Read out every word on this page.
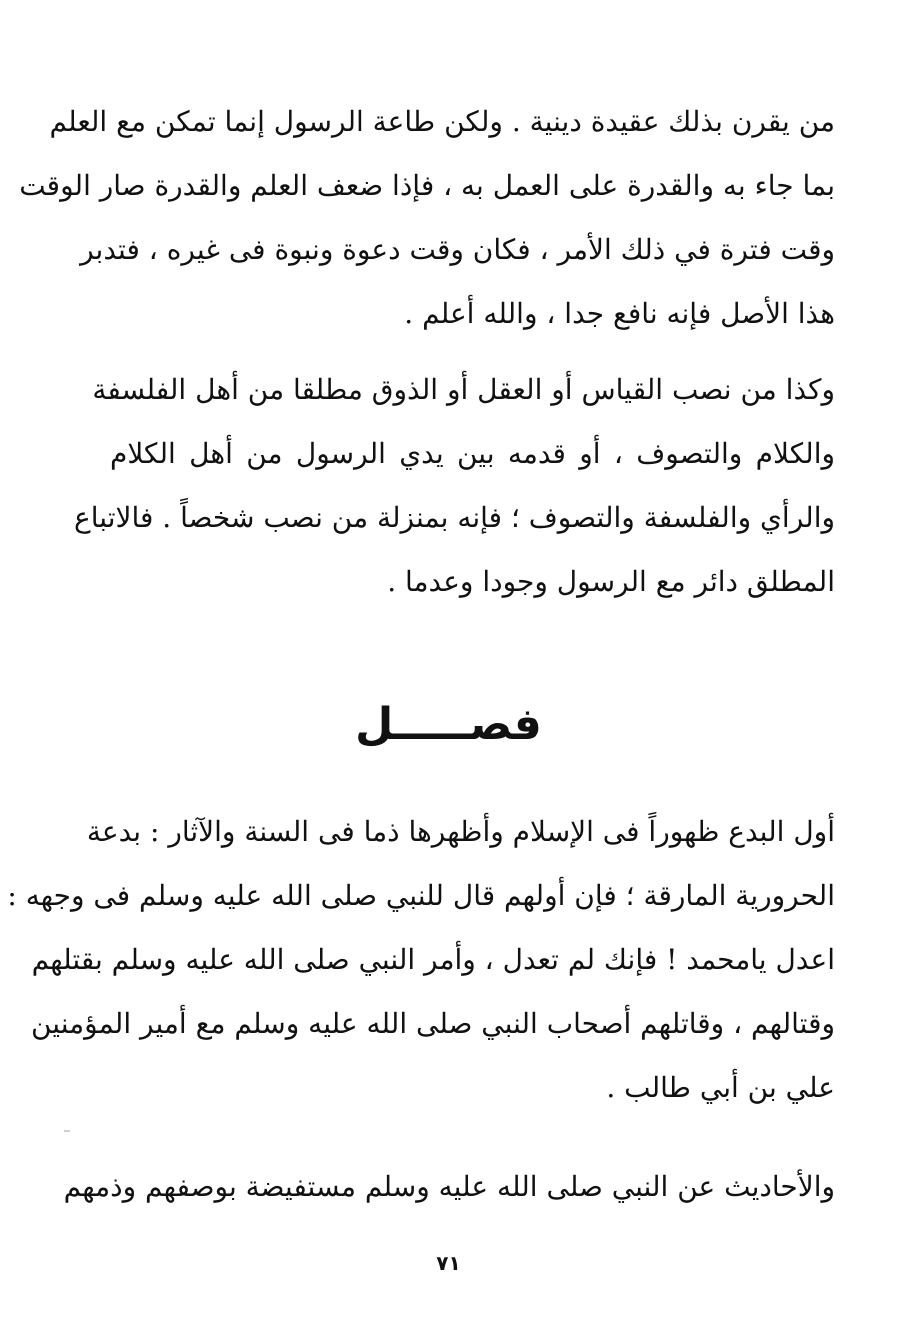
من يقرن بذلك عقيدة دينية . ولكن طاعة الرسول إنما تمكن مع العلم
بما جاء به والقدرة على العمل به ، فإذا ضعف العلم والقدرة صار الوقت
وقت فترة في ذلك الأمر ، فكان وقت دعوة ونبوة فى غيره ، فتدبر
هذا الأصل فإنه نافع جدا ، والله أعلم .
وكذا من نصب القياس أو العقل أو الذوق مطلقا من أهل الفلسفة
والكلام والتصوف ، أو قدمه بين يدي الرسول من أهل الكلام
والرأي والفلسفة والتصوف ؛ فإنه بمنزلة من نصب شخصاً . فالاتباع
المطلق دائر مع الرسول وجودا وعدما .
فصـــــل
أول البدع ظهوراً فى الإسلام وأظهرها ذما فى السنة والآثار : بدعة
الحرورية المارقة ؛ فإن أولهم قال للنبي صلى الله عليه وسلم فى وجهه :
اعدل يامحمد ! فإنك لم تعدل ، وأمر النبي صلى الله عليه وسلم بقتلهم
وقتالهم ، وقاتلهم أصحاب النبي صلى الله عليه وسلم مع أمير المؤمنين
علي بن أبي طالب .
والأحاديث عن النبي صلى الله عليه وسلم مستفيضة بوصفهم وذمهم
٧١
